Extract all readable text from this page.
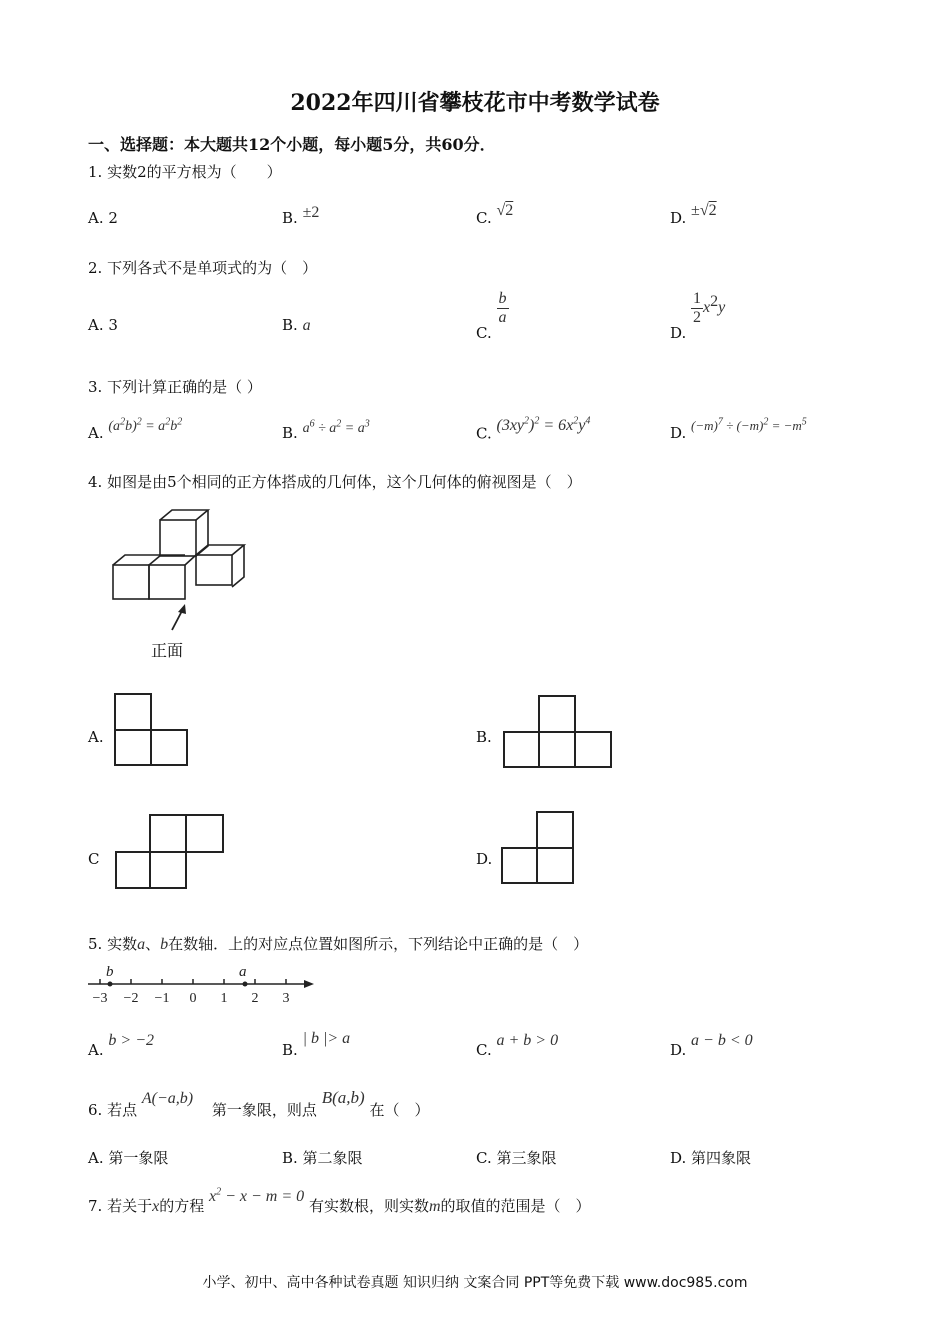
2022年四川省攀枝花市中考数学试卷
一、选择题：本大题共12个小题，每小题5分，共60分．
1. 实数2的平方根为（　　）
A. 2	B. ±2	C. √2	D. ±√2
2. 下列各式不是单项式的为（　）
A. 3	B. a	C.
$\frac{b}{a}$
D.
$\frac{1}{2} x^2y$
3. 下列计算正确的是（ ）
A. $(a^2b)^2 = a^2b^2$
B. $a^6 \div a^2 = a^3$
C. $(3xy^2)^2 = 6x^2y^4$
D. $(-m)^7 \div (-m)^2 = -m^5$
4. 如图是由5个相同的正方体搭成的几何体，这个几何体的俯视图是（　）
正面
A.	B.
C	D.
5. 实数a、b在数轴．上的对应点位置如图所示，下列结论中正确的是（　）
b	a
−3 −2 −1 0 1 2 3
A. b > −2
B. | b |> a
C. a + b > 0
D. a − b < 0
6. 若点 A(−a,b) 第一象限，则点 B(a,b) 在（　）
A. 第一象限	B. 第二象限	C. 第三象限	D. 第四象限
7. 若关于x的方程 $x^2 - x - m = 0$ 有实数根，则实数m的取值的范围是（　）
小学、初中、高中各种试卷真题 知识归纳 文案合同 PPT等免费下载 www.doc985.com
